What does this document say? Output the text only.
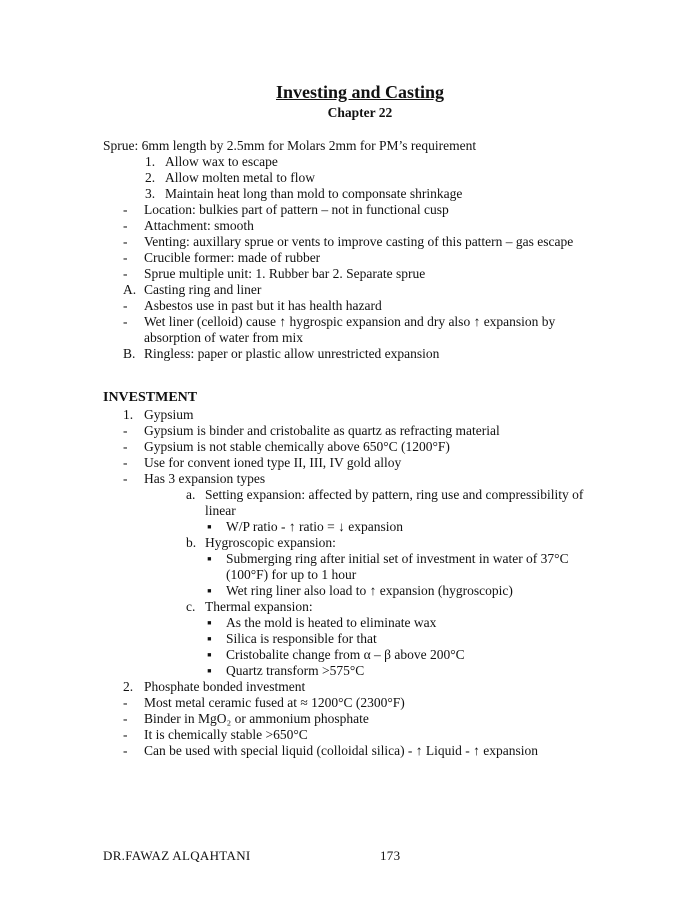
Investing and Casting
Chapter 22
Sprue: 6mm length by 2.5mm for Molars 2mm for PM’s requirement
1. Allow wax to escape
2. Allow molten metal to flow
3. Maintain heat long than mold to componsate shrinkage
- Location: bulkies part of pattern – not in functional cusp
- Attachment: smooth
- Venting: auxillary sprue or vents to improve casting of this pattern – gas escape
- Crucible former: made of rubber
- Sprue multiple unit: 1. Rubber bar 2. Separate sprue
A. Casting ring and liner
- Asbestos use in past but it has health hazard
- Wet liner (celloid) cause ↑ hygrospic expansion and dry also ↑ expansion by
absorption of water from mix
B. Ringless: paper or plastic allow unrestricted expansion
INVESTMENT
1. Gypsium
- Gypsium is binder and cristobalite as quartz as refracting material
- Gypsium is not stable chemically above 650°C (1200°F)
- Use for convent ioned type II, III, IV gold alloy
- Has 3 expansion types
a. Setting expansion: affected by pattern, ring use and compressibility of
linear
▪ W/P ratio - ↑ ratio = ↓ expansion
b. Hygroscopic expansion:
▪ Submerging ring after initial set of investment in water of 37°C
(100°F) for up to 1 hour
▪ Wet ring liner also load to ↑ expansion (hygroscopic)
c. Thermal expansion:
▪ As the mold is heated to eliminate wax
▪ Silica is responsible for that
▪ Cristobalite change from α – β above 200°C
▪ Quartz transform >575°C
2. Phosphate bonded investment
- Most metal ceramic fused at ≈ 1200°C (2300°F)
- Binder in MgO₂ or ammonium phosphate
- It is chemically stable >650°C
- Can be used with special liquid (colloidal silica) - ↑ Liquid - ↑ expansion
DR.FAWAZ ALQAHTANI	173
